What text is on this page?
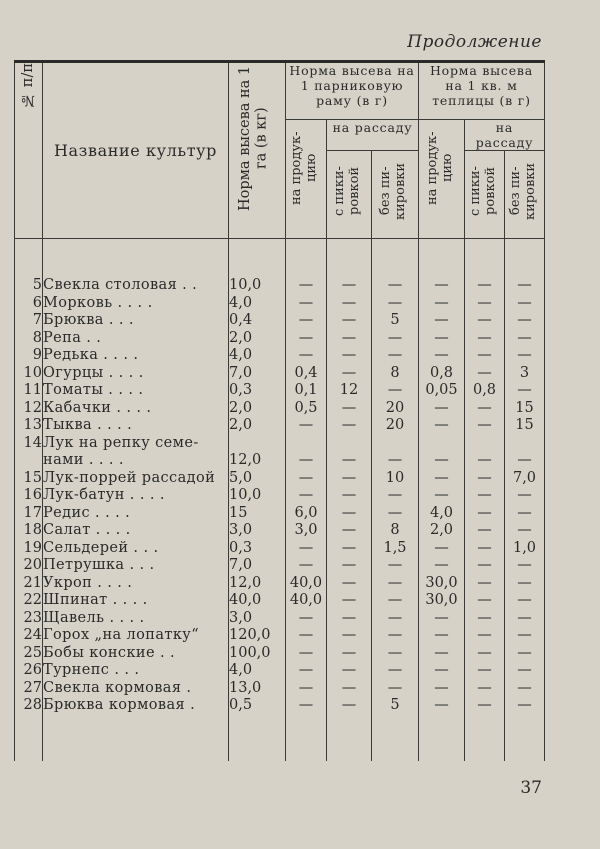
Продолжение
№ п/п	Название культур	Норма высева на 1 га (в кг)	Норма высева на 1 парниковую раму (в г)			Норма высева на 1 кв. м теплицы (в г)		

			на продук- цию	на рассаду		на продук- цию	на рассаду	

				с пики- ровкой	без пи- кировки		с пики- ровкой	без пи- кировки

5	Свекла столовая . .	10,0	—	—	—	—	—	—
6	Морковь . . . .	4,0	—	—	—	—	—	—
7	Брюква . . .	0,4	—	—	5	—	—	—
8	Репа . .	2,0	—	—	—	—	—	—
9	Редька . . . .	4,0	—	—	—	—	—	—
10	Огурцы . . . .	7,0	0,4	—	8	0,8	—	3
11	Томаты . . . .	0,3	0,1	12	—	0,05	0,8	—
12	Кабачки . . . .	2,0	0,5	—	20	—	—	15
13	Тыква . . . .	2,0	—	—	20	—	—	15
14	Лук на репку семе-							
	нами . . . .	12,0	—	—	—	—	—	—
15	Лук-поррей рассадой	5,0	—	—	10	—	—	7,0
16	Лук-батун . . . .	10,0	—	—	—	—	—	—
17	Редис . . . .	15	6,0	—	—	4,0	—	—
18	Салат . . . .	3,0	3,0	—	8	2,0	—	—
19	Сельдерей . . .	0,3	—	—	1,5	—	—	1,0
20	Петрушка . . .	7,0	—	—	—	—	—	—
21	Укроп . . . .	12,0	40,0	—	—	30,0	—	—
22	Шпинат . . . .	40,0	40,0	—	—	30,0	—	—
23	Щавель . . . .	3,0	—	—	—	—	—	—
24	Горох „на лопатку“	120,0	—	—	—	—	—	—
25	Бобы конские . .	100,0	—	—	—	—	—	—
26	Турнепс . . .	4,0	—	—	—	—	—	—
27	Свекла кормовая .	13,0	—	—	—	—	—	—
28	Брюква кормовая .	0,5	—	—	5	—	—	—

37
